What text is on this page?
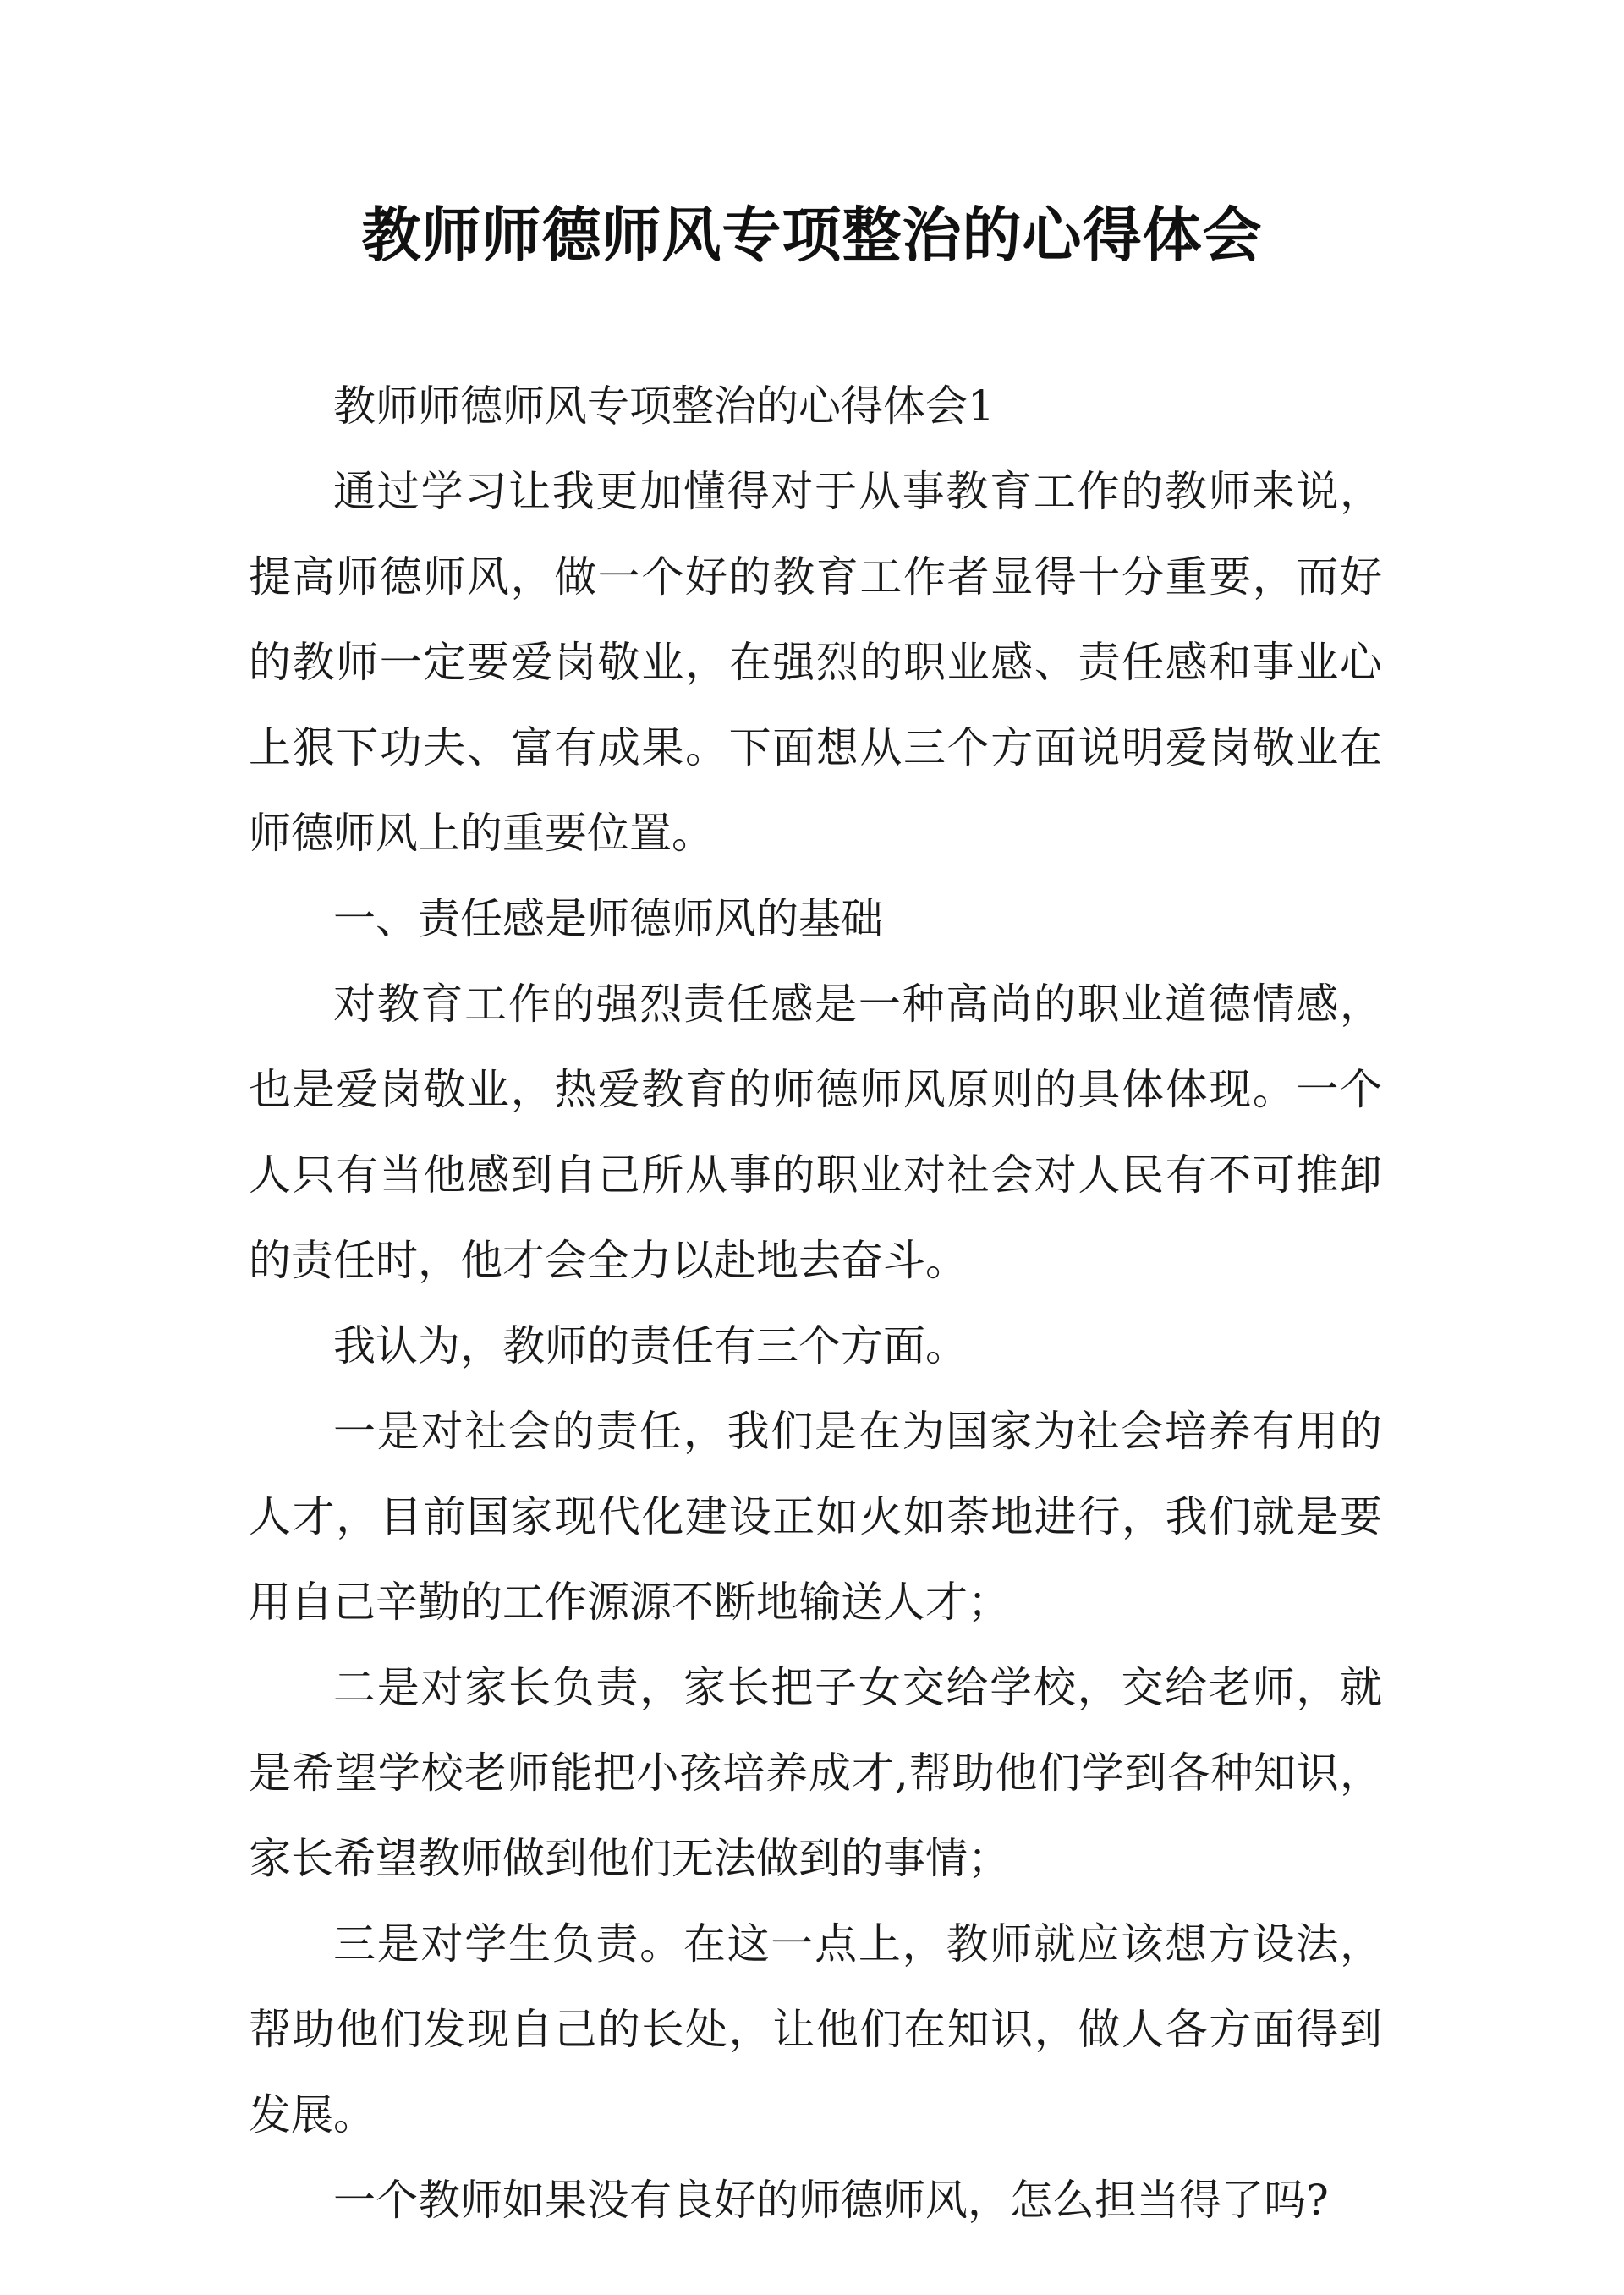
教师师德师风专项整治的心得体会

教师师德师风专项整治的心得体会1

通过学习让我更加懂得对于从事教育工作的教师来说，提高师德师风，做一个好的教育工作者显得十分重要，而好的教师一定要爱岗敬业，在强烈的职业感、责任感和事业心上狠下功夫、富有成果。下面想从三个方面说明爱岗敬业在师德师风上的重要位置。

一、责任感是师德师风的基础

对教育工作的强烈责任感是一种高尚的职业道德情感，也是爱岗敬业，热爱教育的师德师风原则的具体体现。一个人只有当他感到自己所从事的职业对社会对人民有不可推卸的责任时，他才会全力以赴地去奋斗。

我认为，教师的责任有三个方面。

一是对社会的责任，我们是在为国家为社会培养有用的人才，目前国家现代化建设正如火如荼地进行，我们就是要用自己辛勤的工作源源不断地输送人才；

二是对家长负责，家长把子女交给学校，交给老师，就是希望学校老师能把小孩培养成才,帮助他们学到各种知识，家长希望教师做到他们无法做到的事情；

三是对学生负责。在这一点上，教师就应该想方设法，帮助他们发现自己的长处，让他们在知识，做人各方面得到发展。

一个教师如果没有良好的师德师风，怎么担当得了吗?
